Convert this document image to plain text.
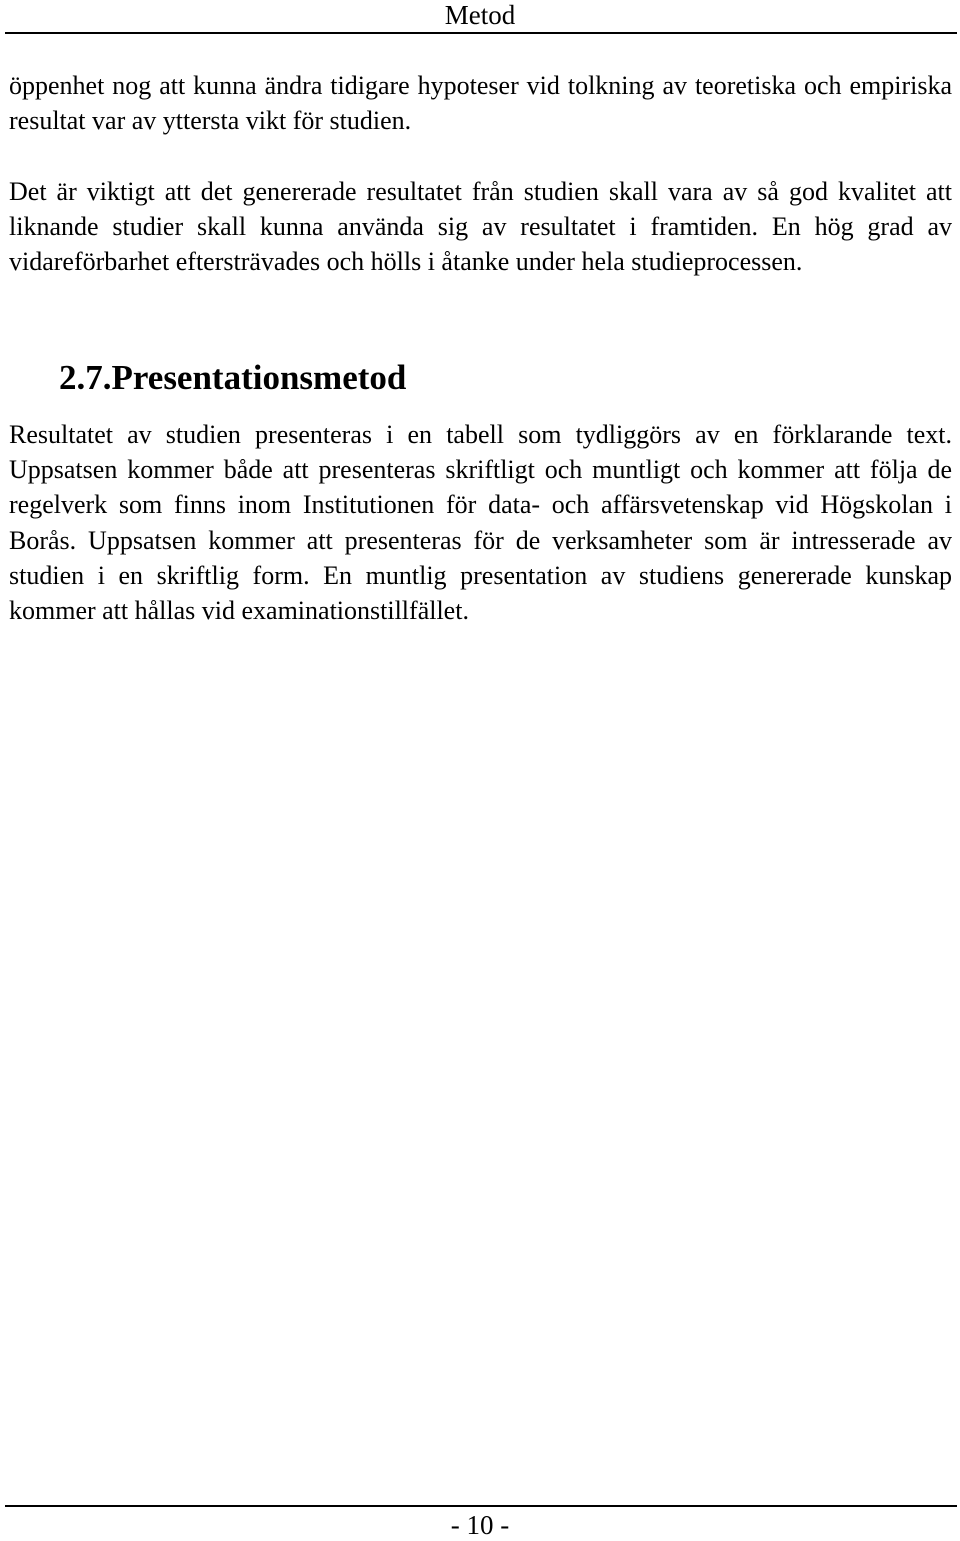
Metod

öppenhet nog att kunna ändra tidigare hypoteser vid tolkning av teoretiska och empiriska resultat var av yttersta vikt för studien.

Det är viktigt att det genererade resultatet från studien skall vara av så god kvalitet att liknande studier skall kunna använda sig av resultatet i framtiden. En hög grad av vidareförbarhet eftersträvades och hölls i åtanke under hela studieprocessen.

2.7.Presentationsmetod

Resultatet av studien presenteras i en tabell som tydliggörs av en förklarande text. Uppsatsen kommer både att presenteras skriftligt och muntligt och kommer att följa de regelverk som finns inom Institutionen för data- och affärsvetenskap vid Högskolan i Borås. Uppsatsen kommer att presenteras för de verksamheter som är intresserade av studien i en skriftlig form. En muntlig presentation av studiens genererade kunskap kommer att hållas vid examinationstillfället.

- 10 -
